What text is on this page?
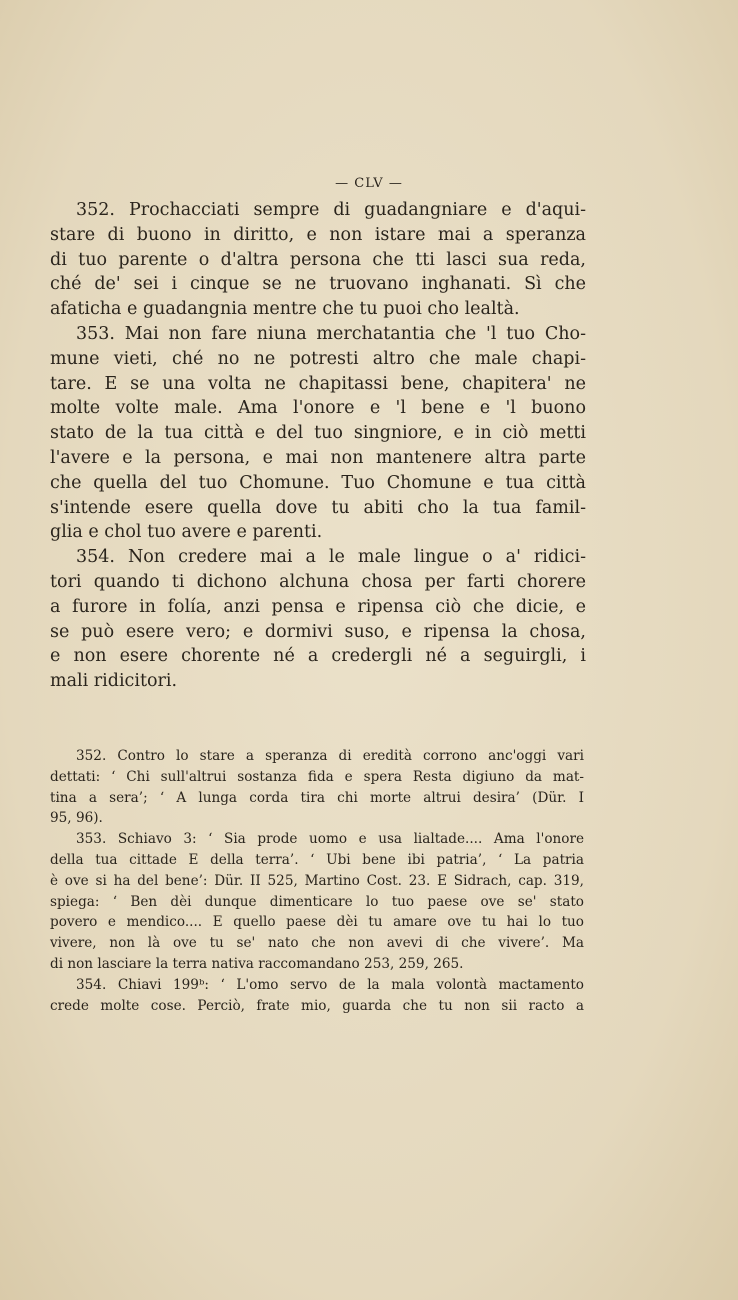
— CLV —
352. Prochacciati sempre di guadangniare e d'aqui-
stare di buono in diritto, e non istare mai a speranza
di tuo parente o d'altra persona che tti lasci sua reda,
ché de' sei i cinque se ne truovano inghanati. Sì che
afaticha e guadangnia mentre che tu puoi cho lealtà.
353. Mai non fare niuna merchatantia che 'l tuo Cho-
mune vieti, ché no ne potresti altro che male chapi-
tare. E se una volta ne chapitassi bene, chapitera' ne
molte volte male. Ama l'onore e 'l bene e 'l buono
stato de la tua città e del tuo singniore, e in ciò metti
l'avere e la persona, e mai non mantenere altra parte
che quella del tuo Chomune. Tuo Chomune e tua città
s'intende esere quella dove tu abiti cho la tua famil-
glia e chol tuo avere e parenti.
354. Non credere mai a le male lingue o a' ridici-
tori quando ti dichono alchuna chosa per farti chorere
a furore in folía, anzi pensa e ripensa ciò che dicie, e
se può esere vero; e dormivi suso, e ripensa la chosa,
e non esere chorente né a credergli né a seguirgli, i
mali ridicitori.
352. Contro lo stare a speranza di eredità corrono anc'oggi vari
dettati: ‘ Chi sull'altrui sostanza fida e spera Resta digiuno da mat-
tina a sera’; ‘ A lunga corda tira chi morte altrui desira’ (Dür. I
95, 96).
353. Schiavo 3: ‘ Sia prode uomo e usa lialtade.... Ama l'onore
della tua cittade E della terra’. ‘ Ubi bene ibi patria’, ‘ La patria
è ove si ha del bene’: Dür. II 525, Martino Cost. 23. E Sidrach, cap. 319,
spiega: ‘ Ben dèi dunque dimenticare lo tuo paese ove se' stato
povero e mendico.... E quello paese dèi tu amare ove tu hai lo tuo
vivere, non là ove tu se' nato che non avevi di che vivere’. Ma
di non lasciare la terra nativa raccomandano 253, 259, 265.
354. Chiavi 199ᵇ: ‘ L'omo servo de la mala volontà mactamento
crede molte cose. Perciò, frate mio, guarda che tu non sii racto a
